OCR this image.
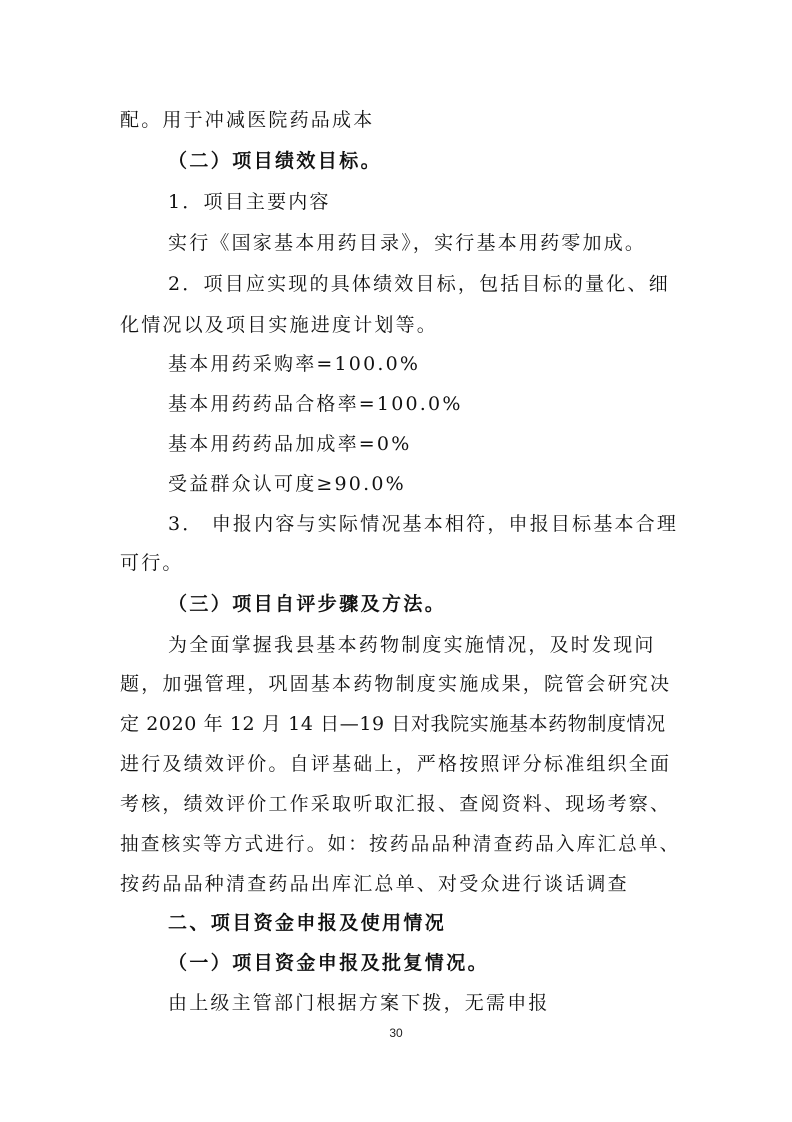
配。用于冲减医院药品成本
（二）项目绩效目标。
1．项目主要内容
实行《国家基本用药目录》，实行基本用药零加成。
2．项目应实现的具体绩效目标，包括目标的量化、细
化情况以及项目实施进度计划等。
基本用药采购率=100.0%
基本用药药品合格率=100.0%
基本用药药品加成率=0%
受益群众认可度≥90.0%
3． 申报内容与实际情况基本相符，申报目标基本合理
可行。
（三）项目自评步骤及方法。
为全面掌握我县基本药物制度实施情况，及时发现问
题，加强管理，巩固基本药物制度实施成果，院管会研究决
定 2020 年 12 月 14 日—19 日对我院实施基本药物制度情况
进行及绩效评价。自评基础上，严格按照评分标准组织全面
考核，绩效评价工作采取听取汇报、查阅资料、现场考察、
抽查核实等方式进行。如：按药品品种清查药品入库汇总单、
按药品品种清查药品出库汇总单、对受众进行谈话调查
二、项目资金申报及使用情况
（一）项目资金申报及批复情况。
由上级主管部门根据方案下拨，无需申报
30
